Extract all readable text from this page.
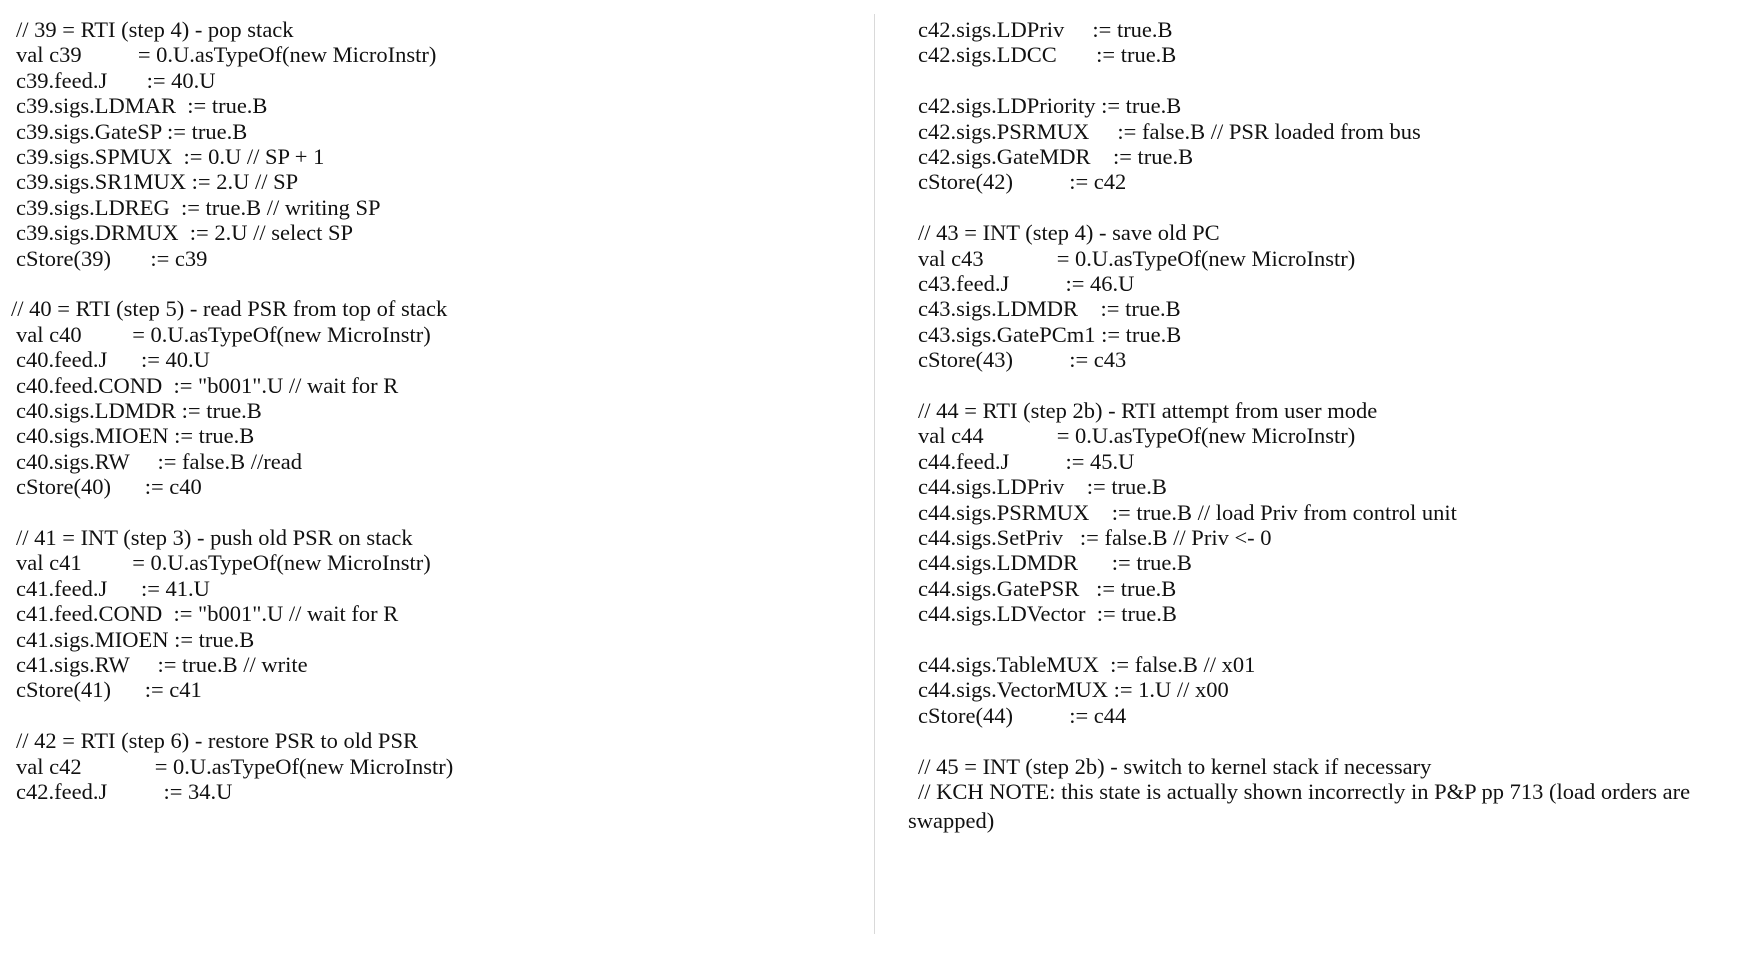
// 39 = RTI (step 4) - pop stack
val c39          = 0.U.asTypeOf(new MicroInstr)
c39.feed.J       := 40.U
c39.sigs.LDMAR  := true.B
c39.sigs.GateSP := true.B
c39.sigs.SPMUX  := 0.U // SP + 1
c39.sigs.SR1MUX := 2.U // SP
c39.sigs.LDREG  := true.B // writing SP
c39.sigs.DRMUX  := 2.U // select SP
cStore(39)       := c39
// 40 = RTI (step 5) - read PSR from top of stack
val c40         = 0.U.asTypeOf(new MicroInstr)
c40.feed.J      := 40.U
c40.feed.COND  := "b001".U // wait for R
c40.sigs.LDMDR := true.B
c40.sigs.MIOEN := true.B
c40.sigs.RW     := false.B //read
cStore(40)      := c40
// 41 = INT (step 3) - push old PSR on stack
val c41         = 0.U.asTypeOf(new MicroInstr)
c41.feed.J      := 41.U
c41.feed.COND  := "b001".U // wait for R
c41.sigs.MIOEN := true.B
c41.sigs.RW     := true.B // write
cStore(41)      := c41
// 42 = RTI (step 6) - restore PSR to old PSR
val c42             = 0.U.asTypeOf(new MicroInstr)
c42.feed.J          := 34.U
c42.sigs.LDPriv     := true.B
c42.sigs.LDCC       := true.B
c42.sigs.LDPriority := true.B
c42.sigs.PSRMUX     := false.B // PSR loaded from bus
c42.sigs.GateMDR    := true.B
cStore(42)          := c42
// 43 = INT (step 4) - save old PC
val c43             = 0.U.asTypeOf(new MicroInstr)
c43.feed.J          := 46.U
c43.sigs.LDMDR    := true.B
c43.sigs.GatePCm1 := true.B
cStore(43)          := c43
// 44 = RTI (step 2b) - RTI attempt from user mode
val c44             = 0.U.asTypeOf(new MicroInstr)
c44.feed.J          := 45.U
c44.sigs.LDPriv    := true.B
c44.sigs.PSRMUX    := true.B // load Priv from control unit
c44.sigs.SetPriv   := false.B // Priv <- 0
c44.sigs.LDMDR      := true.B
c44.sigs.GatePSR   := true.B
c44.sigs.LDVector  := true.B
c44.sigs.TableMUX  := false.B // x01
c44.sigs.VectorMUX := 1.U // x00
cStore(44)          := c44
// 45 = INT (step 2b) - switch to kernel stack if necessary
// KCH NOTE: this state is actually shown incorrectly in P&P pp 713 (load orders are swapped)
